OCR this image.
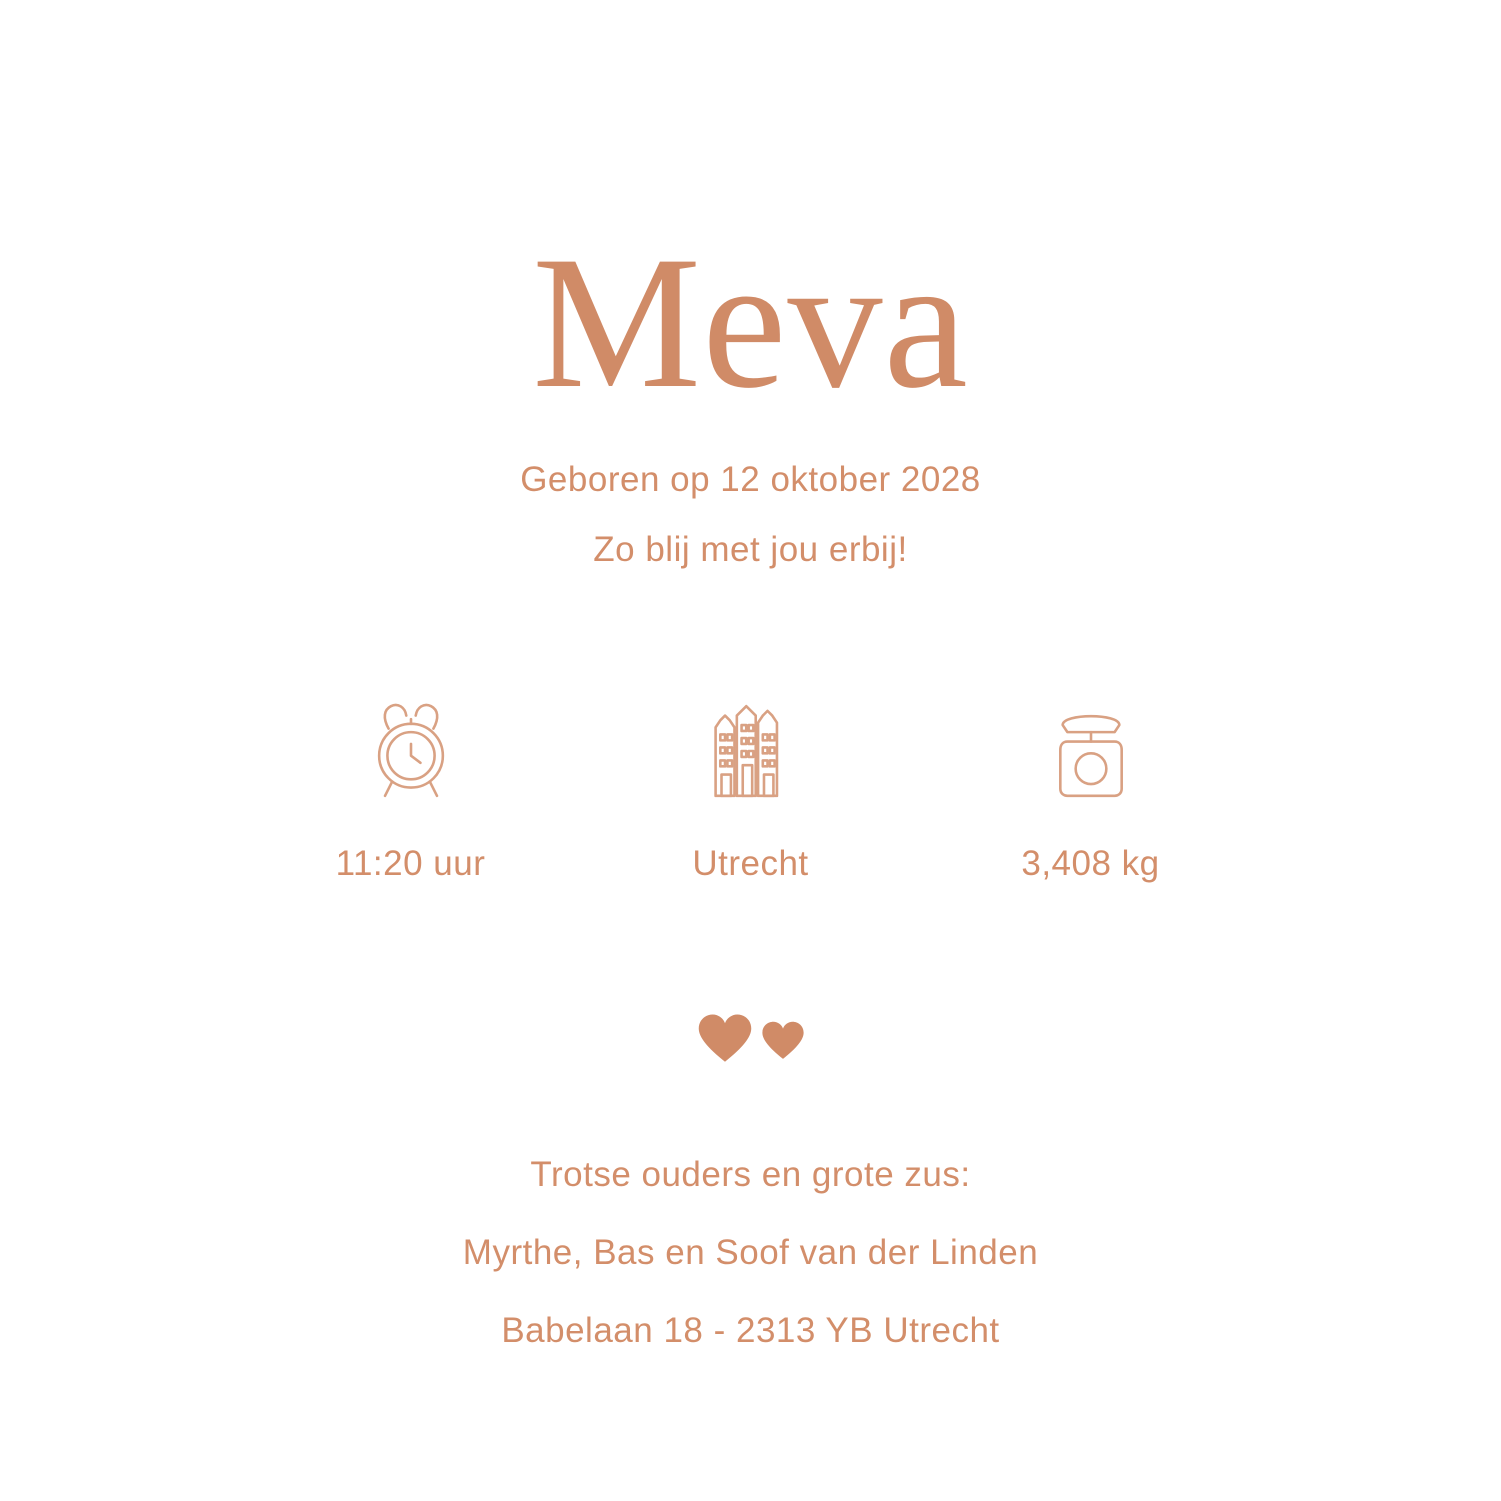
Meva
Geboren op 12 oktober 2028
Zo blij met jou erbij!
11:20 uur	Utrecht	3,408 kg
Trotse ouders en grote zus:
Myrthe, Bas en Soof van der Linden
Babelaan 18 - 2313 YB Utrecht
